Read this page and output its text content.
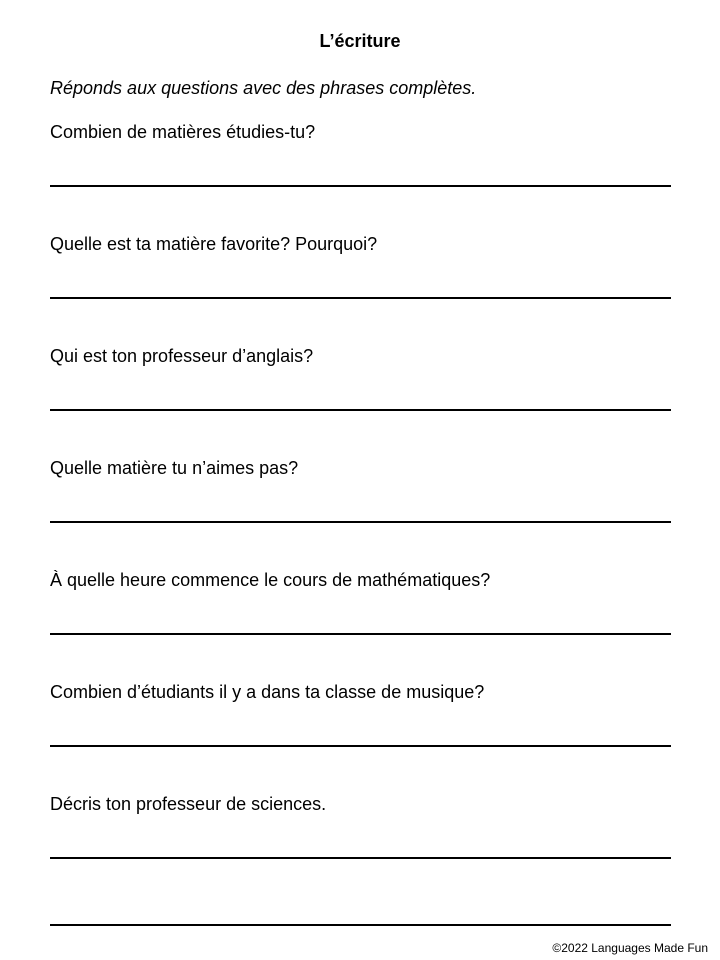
L’écriture
Réponds aux questions avec des phrases complètes.
Combien de matières étudies-tu?
Quelle est ta matière favorite? Pourquoi?
Qui est ton professeur d’anglais?
Quelle matière tu n’aimes pas?
À quelle heure commence le cours de mathématiques?
Combien d’étudiants il y a dans ta classe de musique?
Décris ton professeur de sciences.
©2022 Languages Made Fun
